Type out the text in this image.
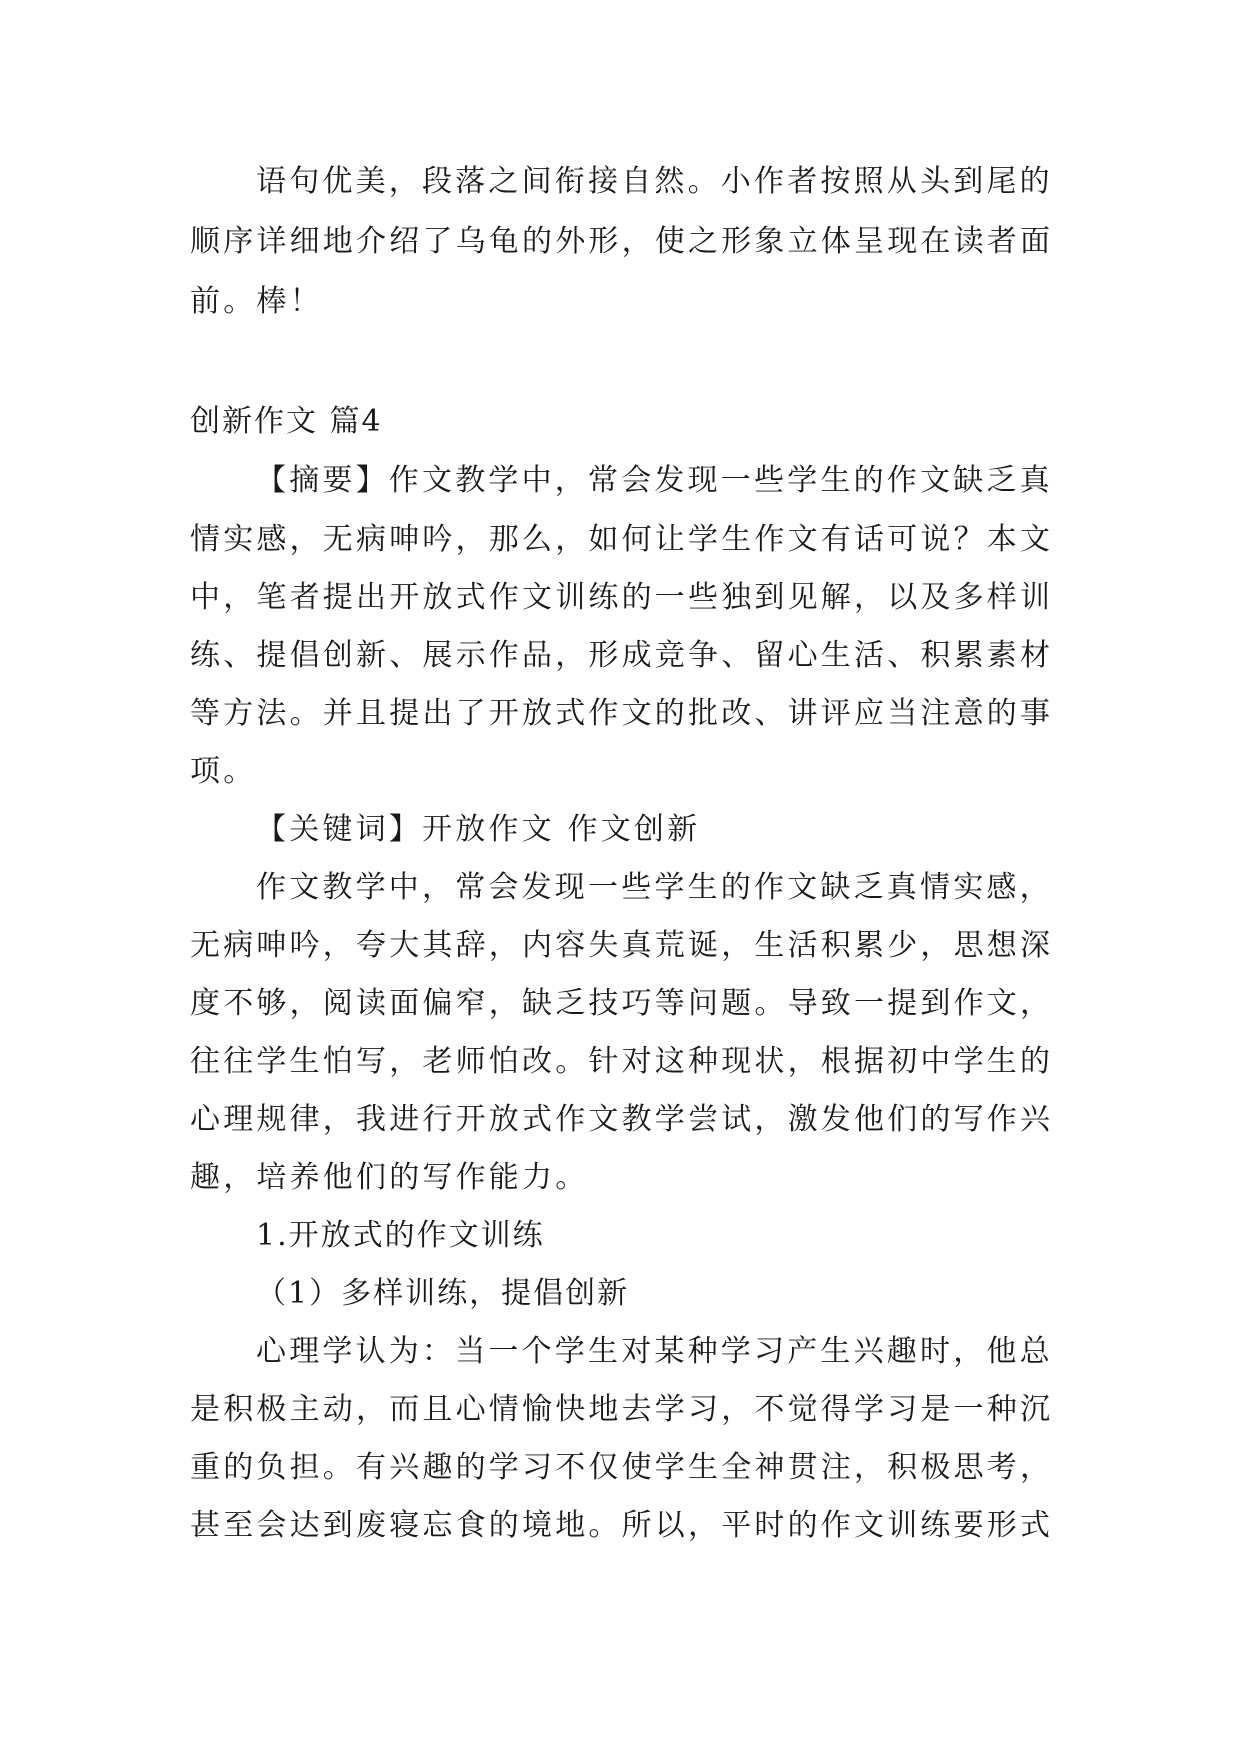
语句优美，段落之间衔接自然。小作者按照从头到尾的
顺序详细地介绍了乌龟的外形，使之形象立体呈现在读者面
前。棒！
创新作文 篇4
【摘要】作文教学中，常会发现一些学生的作文缺乏真
情实感，无病呻吟，那么，如何让学生作文有话可说？本文
中，笔者提出开放式作文训练的一些独到见解，以及多样训
练、提倡创新、展示作品，形成竞争、留心生活、积累素材
等方法。并且提出了开放式作文的批改、讲评应当注意的事
项。
【关键词】开放作文 作文创新
作文教学中，常会发现一些学生的作文缺乏真情实感，
无病呻吟，夸大其辞，内容失真荒诞，生活积累少，思想深
度不够，阅读面偏窄，缺乏技巧等问题。导致一提到作文，
往往学生怕写，老师怕改。针对这种现状，根据初中学生的
心理规律，我进行开放式作文教学尝试，激发他们的写作兴
趣，培养他们的写作能力。
1.开放式的作文训练
（1）多样训练，提倡创新
心理学认为：当一个学生对某种学习产生兴趣时，他总
是积极主动，而且心情愉快地去学习，不觉得学习是一种沉
重的负担。有兴趣的学习不仅使学生全神贯注，积极思考，
甚至会达到废寝忘食的境地。所以，平时的作文训练要形式
